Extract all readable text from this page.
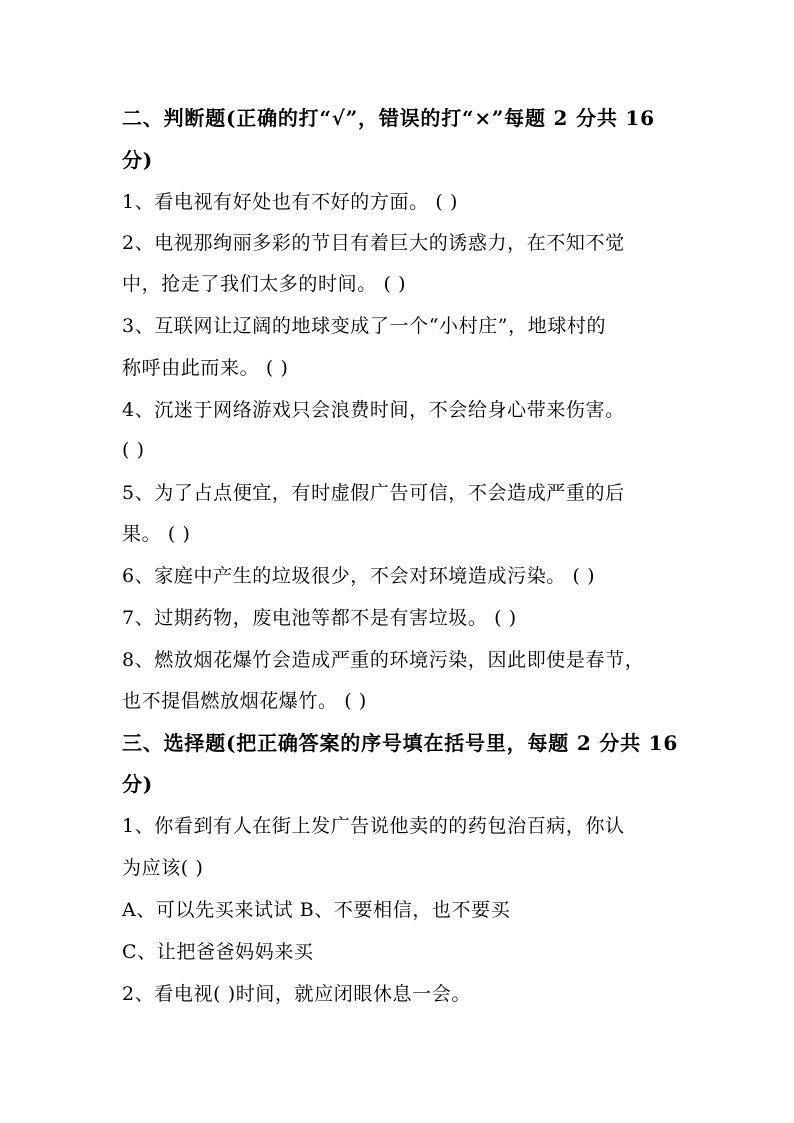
二、判断题(正确的打“√”，错误的打“×”每题 2 分共 16
分)
1、看电视有好处也有不好的方面。 ( )
2、电视那绚丽多彩的节目有着巨大的诱惑力，在不知不觉
中，抢走了我们太多的时间。 ( )
3、互联网让辽阔的地球变成了一个“小村庄”，地球村的
称呼由此而来。 ( )
4、沉迷于网络游戏只会浪费时间，不会给身心带来伤害。
( )
5、为了占点便宜，有时虚假广告可信，不会造成严重的后
果。 ( )
6、家庭中产生的垃圾很少，不会对环境造成污染。 ( )
7、过期药物，废电池等都不是有害垃圾。 ( )
8、燃放烟花爆竹会造成严重的环境污染，因此即使是春节，
也不提倡燃放烟花爆竹。 ( )
三、选择题(把正确答案的序号填在括号里，每题 2 分共 16
分)
1、你看到有人在街上发广告说他卖的的药包治百病，你认
为应该( )
A、可以先买来试试 B、不要相信，也不要买
C、让把爸爸妈妈来买
2、看电视( )时间，就应闭眼休息一会。
